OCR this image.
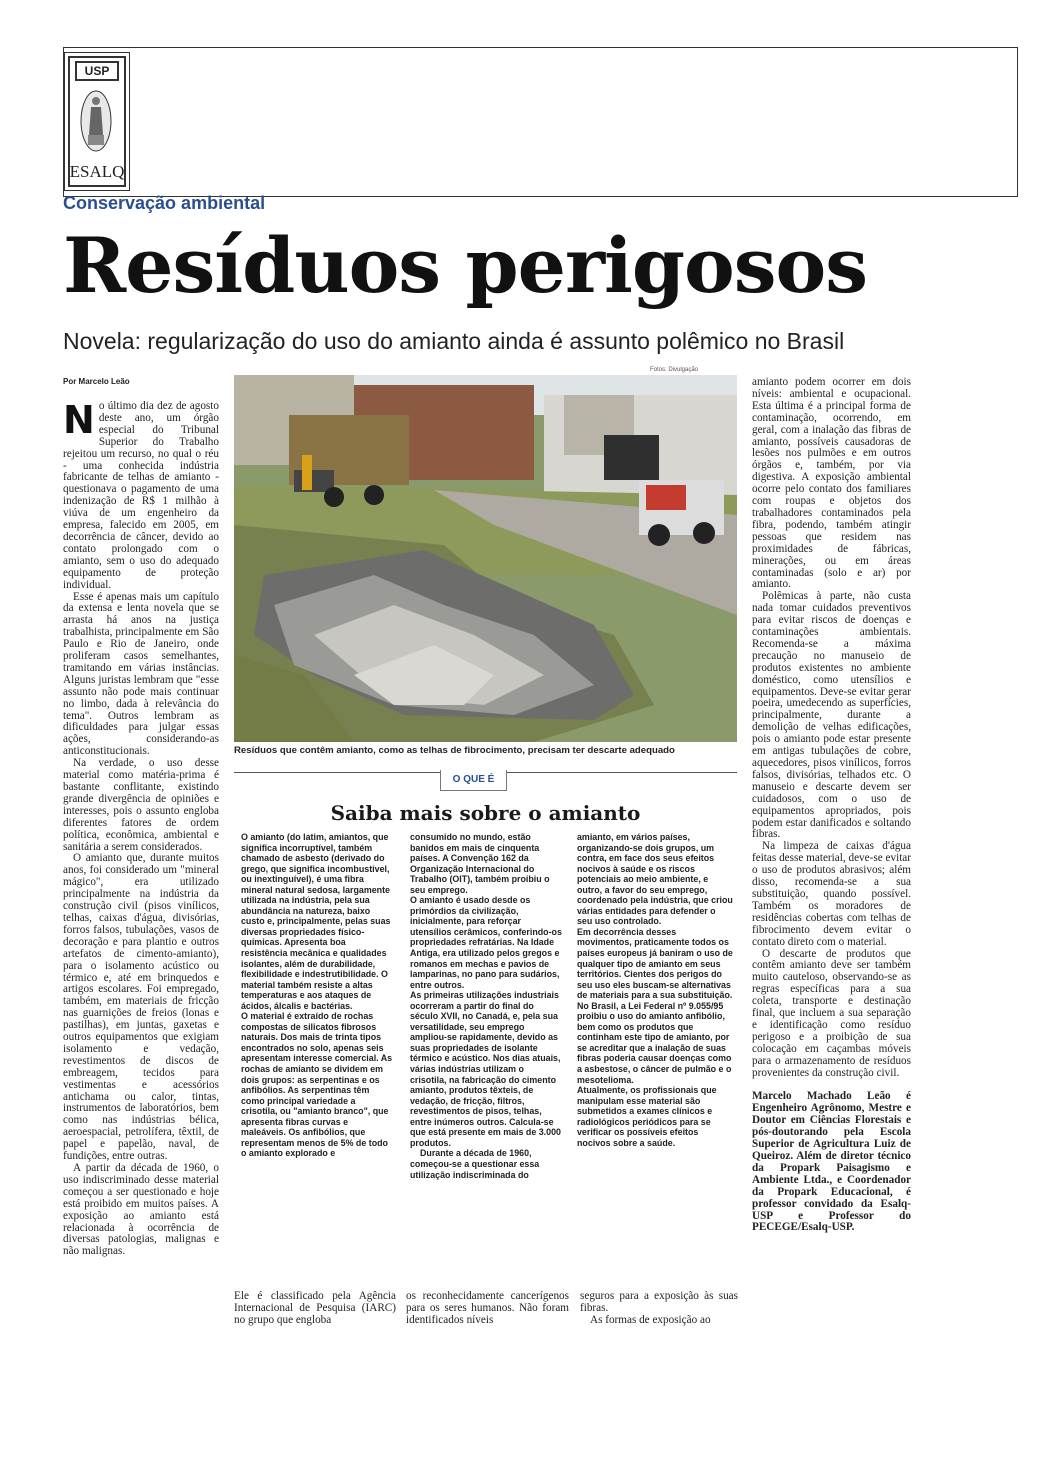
USP
ESALQ
Conservação ambiental
Resíduos perigosos
Novela: regularização do uso do amianto ainda é assunto polêmico no Brasil
Por Marcelo Leão

No último dia dez de agosto deste ano, um órgão especial do Tribunal Superior do Trabalho rejeitou um recurso, no qual o réu - uma conhecida indústria fabricante de telhas de amianto - questionava o pagamento de uma indenização de R$ 1 milhão à viúva de um engenheiro da empresa, falecido em 2005, em decorrência de câncer, devido ao contato prolongado com o amianto, sem o uso do adequado equipamento de proteção individual.

Esse é apenas mais um capítulo da extensa e lenta novela que se arrasta há anos na justiça trabalhista, principalmente em São Paulo e Rio de Janeiro, onde proliferam casos semelhantes, tramitando em várias instâncias. Alguns juristas lembram que "esse assunto não pode mais continuar no limbo, dada à relevância do tema". Outros lembram as dificuldades para julgar essas ações, considerando-as anticonstitucionais.

Na verdade, o uso desse material como matéria-prima é bastante conflitante, existindo grande divergência de opiniões e interesses, pois o assunto engloba diferentes fatores de ordem política, econômica, ambiental e sanitária a serem considerados.

O amianto que, durante muitos anos, foi considerado um "mineral mágico", era utilizado principalmente na indústria da construção civil (pisos vinílicos, telhas, caixas d'água, divisórias, forros falsos, tubulações, vasos de decoração e para plantio e outros artefatos de cimento-amianto), para o isolamento acústico ou térmico e, até em brinquedos e artigos escolares. Foi empregado, também, em materiais de fricção nas guarnições de freios (lonas e pastilhas), em juntas, gaxetas e outros equipamentos que exigiam isolamento e vedação, revestimentos de discos de embreagem, tecidos para vestimentas e acessórios antichama ou calor, tintas, instrumentos de laboratórios, bem como nas indústrias bélica, aeroespacial, petrolífera, têxtil, de papel e papelão, naval, de fundições, entre outras.

A partir da década de 1960, o uso indiscriminado desse material começou a ser questionado e hoje está proibido em muitos países. A exposição ao amianto está relacionada à ocorrência de diversas patologias, malignas e não malignas.

Fotos: Divulgação
Resíduos que contêm amianto, como as telhas de fibrocimento, precisam ter descarte adequado
O QUE É
Saiba mais sobre o amianto

O amianto (do latim, amiantos, que significa incorruptível, também chamado de asbesto (derivado do grego, que significa incombustível, ou inextinguível), é uma fibra mineral natural sedosa, largamente utilizada na indústria, pela sua abundância na natureza, baixo custo e, principalmente, pelas suas diversas propriedades físico-químicas. Apresenta boa resistência mecânica e qualidades isolantes, além de durabilidade, flexibilidade e indestrutibilidade. O material também resiste a altas temperaturas e aos ataques de ácidos, álcalis e bactérias.

O material é extraído de rochas compostas de silicatos fibrosos naturais. Dos mais de trinta tipos encontrados no solo, apenas seis apresentam interesse comercial. As rochas de amianto se dividem em dois grupos: as serpentinas e os anfibólios. As serpentinas têm como principal variedade a crisotila, ou "amianto branco", que apresenta fibras curvas e maleáveis. Os anfibólios, que representam menos de 5% de todo o amianto explorado e

consumido no mundo, estão banidos em mais de cinquenta países. A Convenção 162 da Organização Internacional do Trabalho (OIT), também proibiu o seu emprego.

O amianto é usado desde os primórdios da civilização, inicialmente, para reforçar utensílios cerâmicos, conferindo-os propriedades refratárias. Na Idade Antiga, era utilizado pelos gregos e romanos em mechas e pavios de lamparinas, no pano para sudários, entre outros.

As primeiras utilizações industriais ocorreram a partir do final do século XVII, no Canadá, e, pela sua versatilidade, seu emprego ampliou-se rapidamente, devido as suas propriedades de isolante térmico e acústico. Nos dias atuais, várias indústrias utilizam o crisotila, na fabricação do cimento amianto, produtos têxteis, de vedação, de fricção, filtros, revestimentos de pisos, telhas, entre inúmeros outros. Calcula-se que está presente em mais de 3.000 produtos.

Durante a década de 1960, começou-se a questionar essa utilização indiscriminada do

amianto, em vários países, organizando-se dois grupos, um contra, em face dos seus efeitos nocivos à saúde e os riscos potenciais ao meio ambiente, e outro, a favor do seu emprego, coordenado pela indústria, que criou várias entidades para defender o seu uso controlado.

Em decorrência desses movimentos, praticamente todos os países europeus já baniram o uso de qualquer tipo de amianto em seus territórios. Cientes dos perigos do seu uso eles buscam-se alternativas de materiais para a sua substituição.

No Brasil, a Lei Federal nº 9.055/95 proibiu o uso do amianto anfibólio, bem como os produtos que continham este tipo de amianto, por se acreditar que a inalação de suas fibras poderia causar doenças como a asbestose, o câncer de pulmão e o mesotelioma.

Atualmente, os profissionais que manipulam esse material são submetidos a exames clínicos e radiológicos periódicos para se verificar os possíveis efeitos nocivos sobre a saúde.

Ele é classificado pela Agência Internacional de Pesquisa (IARC) no grupo que engloba

os reconhecidamente cancerígenos para os seres humanos. Não foram identificados níveis

seguros para a exposição às suas fibras.

As formas de exposição ao

amianto podem ocorrer em dois níveis: ambiental e ocupacional. Esta última é a principal forma de contaminação, ocorrendo, em geral, com a inalação das fibras de amianto, possíveis causadoras de lesões nos pulmões e em outros órgãos e, também, por via digestiva. A exposição ambiental ocorre pelo contato dos familiares com roupas e objetos dos trabalhadores contaminados pela fibra, podendo, também atingir pessoas que residem nas proximidades de fábricas, minerações, ou em áreas contaminadas (solo e ar) por amianto.

Polêmicas à parte, não custa nada tomar cuidados preventivos para evitar riscos de doenças e contaminações ambientais. Recomenda-se a máxima precaução no manuseio de produtos existentes no ambiente doméstico, como utensílios e equipamentos. Deve-se evitar gerar poeira, umedecendo as superfícies, principalmente, durante a demolição de velhas edificações, pois o amianto pode estar presente em antigas tubulações de cobre, aquecedores, pisos vinílicos, forros falsos, divisórias, telhados etc. O manuseio e descarte devem ser cuidadosos, com o uso de equipamentos apropriados, pois podem estar danificados e soltando fibras.

Na limpeza de caixas d'água feitas desse material, deve-se evitar o uso de produtos abrasivos; além disso, recomenda-se a sua substituição, quando possível. Também os moradores de residências cobertas com telhas de fibrocimento devem evitar o contato direto com o material.

O descarte de produtos que contêm amianto deve ser também muito cauteloso, observando-se as regras específicas para a sua coleta, transporte e destinação final, que incluem a sua separação e identificação como resíduo perigoso e a proibição de sua colocação em caçambas móveis para o armazenamento de resíduos provenientes da construção civil.

Marcelo Machado Leão é Engenheiro Agrônomo, Mestre e Doutor em Ciências Florestais e pós-doutorando pela Escola Superior de Agricultura Luiz de Queiroz. Além de diretor técnico da Propark Paisagismo e Ambiente Ltda., e Coordenador da Propark Educacional, é professor convidado da Esalq-USP e Professor do PECEGE/Esalq-USP.
